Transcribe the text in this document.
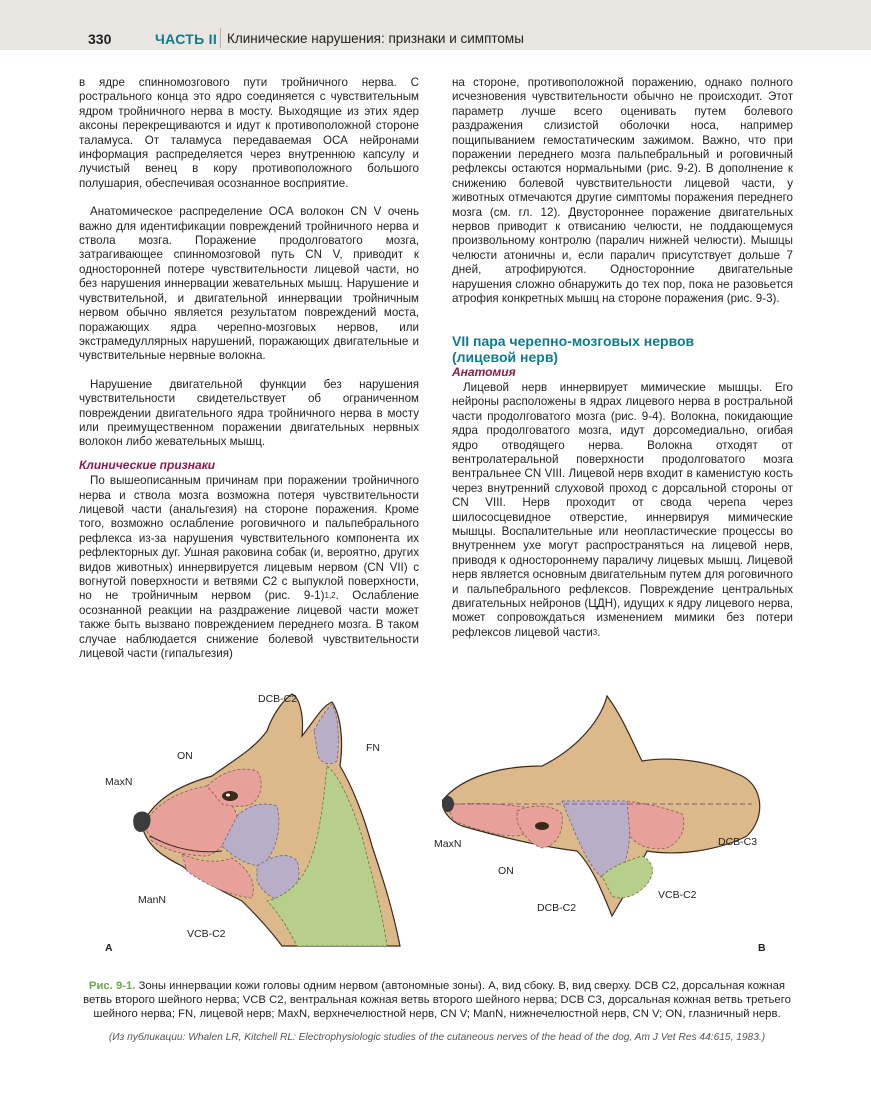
330	ЧАСТЬ II Клинические нарушения: признаки и симптомы

в ядре спинномозгового пути тройничного нерва. С рострального конца это ядро соединяется с чувствительным ядром тройничного нерва в мосту. Выходящие из этих ядер аксоны перекрещиваются и идут к противоположной стороне таламуса. От таламуса передаваемая ОСА нейронами информация распределяется через внутреннюю капсулу и лучистый венец в кору противоположного большого полушария, обеспечивая осознанное восприятие.

Анатомическое распределение ОСА волокон CN V очень важно для идентификации повреждений тройничного нерва и ствола мозга. Поражение продолговатого мозга, затрагивающее спинномозговой путь CN V, приводит к односторонней потере чувствительности лицевой части, но без нарушения иннервации жевательных мышц. Нарушение и чувствительной, и двигательной иннервации тройничным нервом обычно является результатом повреждений моста, поражающих ядра черепно-мозговых нервов, или экстрамедуллярных нарушений, поражающих двигательные и чувствительные нервные волокна.

Нарушение двигательной функции без нарушения чувствительности свидетельствует об ограниченном повреждении двигательного ядра тройничного нерва в мосту или преимущественном поражении двигательных нервных волокон либо жевательных мышц.

Клинические признаки

По вышеописанным причинам при поражении тройничного нерва и ствола мозга возможна потеря чувствительности лицевой части (анальгезия) на стороне поражения. Кроме того, возможно ослабление роговичного и пальпебрального рефлекса из-за нарушения чувствительного компонента их рефлекторных дуг. Ушная раковина собак (и, вероятно, других видов животных) иннервируется лицевым нервом (CN VII) с вогнутой поверхности и ветвями С2 с выпуклой поверхности, но не тройничным нервом (рис. 9-1)$^{1,2}$. Ослабление осознанной реакции на раздражение лицевой части может также быть вызвано повреждением переднего мозга. В таком случае наблюдается снижение болевой чувствительности лицевой части (гипальгезия)

на стороне, противоположной поражению, однако полного исчезновения чувствительности обычно не происходит. Этот параметр лучше всего оценивать путем болевого раздражения слизистой оболочки носа, например пощипыванием гемостатическим зажимом. Важно, что при поражении переднего мозга пальпебральный и роговичный рефлексы остаются нормальными (рис. 9-2). В дополнение к снижению болевой чувствительности лицевой части, у животных отмечаются другие симптомы поражения переднего мозга (см. гл. 12). Двустороннее поражение двигательных нервов приводит к отвисанию челюсти, не поддающемуся произвольному контролю (паралич нижней челюсти). Мышцы челюсти атоничны и, если паралич присутствует дольше 7 дней, атрофируются. Односторонние двигательные нарушения сложно обнаружить до тех пор, пока не разовьется атрофия конкретных мышц на стороне поражения (рис. 9-3).

VII пара черепно-мозговых нервов
(лицевой нерв)
Анатомия

Лицевой нерв иннервирует мимические мышцы. Его нейроны расположены в ядрах лицевого нерва в ростральной части продолговатого мозга (рис. 9-4). Волокна, покидающие ядра продолговатого мозга, идут дорсомедиально, огибая ядро отводящего нерва. Волокна отходят от вентролатеральной поверхности продолговатого мозга вентральнее CN VIII. Лицевой нерв входит в каменистую кость через внутренний слуховой проход с дорсальной стороны от CN VIII. Нерв проходит от свода черепа через шилососцевидное отверстие, иннервируя мимические мышцы. Воспалительные или неопластические процессы во внутреннем ухе могут распространяться на лицевой нерв, приводя к одностороннему параличу лицевых мышц. Лицевой нерв является основным двигательным путем для роговичного и пальпебрального рефлексов. Повреждение центральных двигательных нейронов (ЦДН), идущих к ядру лицевого нерва, может сопровождаться изменением мимики без потери рефлексов лицевой части$^3$.

DCB-C2
FN
ON
MaxN
ManN
VCB-C2
A
MaxN
ON
DCB-C2
DCB-C3
VCB-C2
B
Рис. 9-1. Зоны иннервации кожи головы одним нервом (автономные зоны). А, вид сбоку. В, вид сверху. DCB C2, дорсальная кожная ветвь второго шейного нерва; VCB C2, вентральная кожная ветвь второго шейного нерва; DCB C3, дорсальная кожная ветвь третьего шейного нерва; FN, лицевой нерв; MaxN, верхнечелюстной нерв, CN V; ManN, нижнечелюстной нерв, CN V; ON, глазничный нерв.
(Из публикации: Whalen LR, Kitchell RL: Electrophysiologic studies of the cutaneous nerves of the head of the dog, Am J Vet Res 44:615, 1983.)
